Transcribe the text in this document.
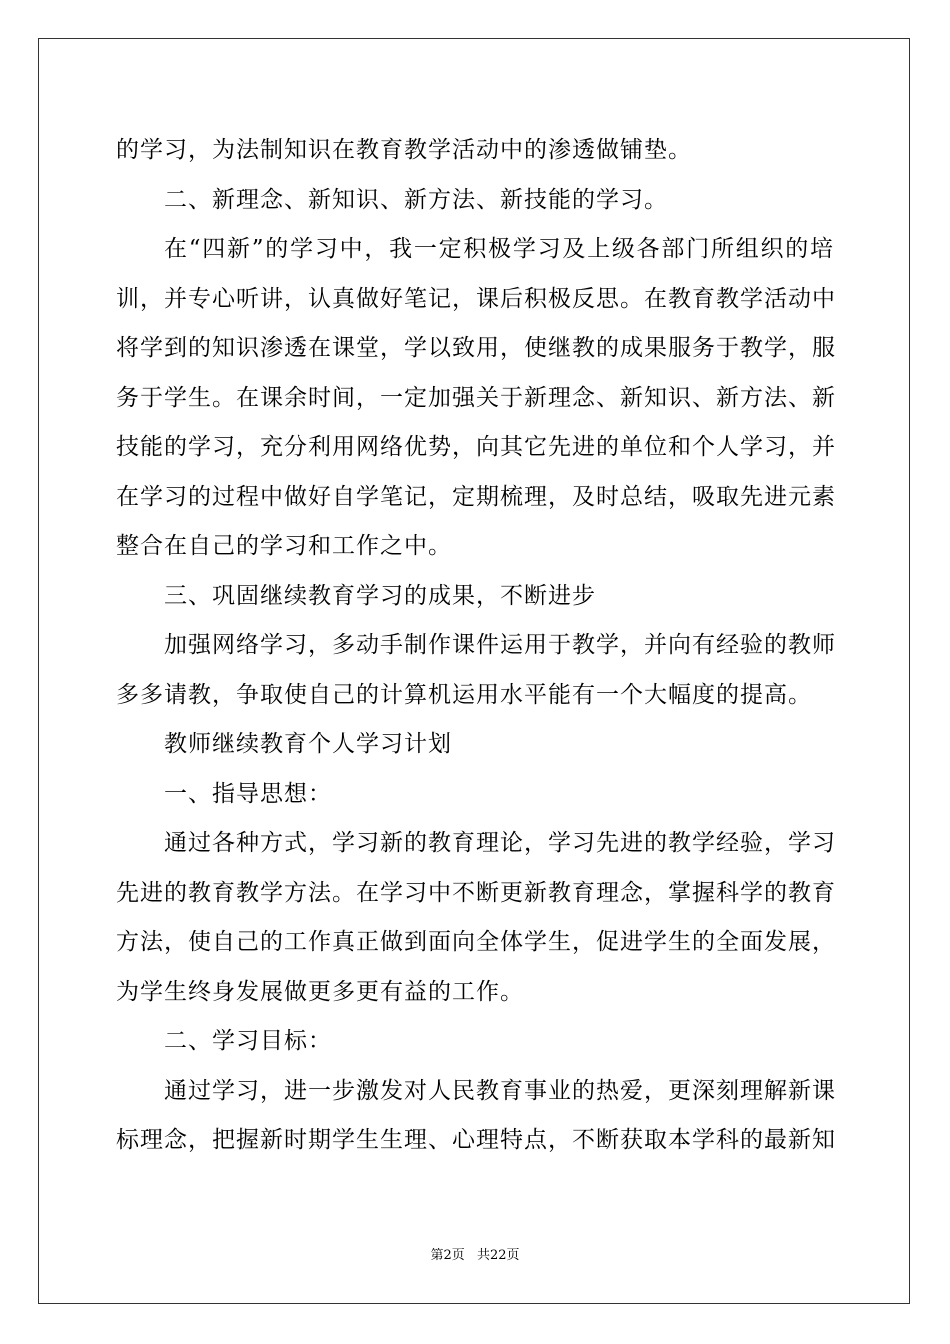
的学习，为法制知识在教育教学活动中的渗透做铺垫。
二、新理念、新知识、新方法、新技能的学习。
在“四新”的学习中，我一定积极学习及上级各部门所组织的培
训，并专心听讲，认真做好笔记，课后积极反思。在教育教学活动中
将学到的知识渗透在课堂，学以致用，使继教的成果服务于教学，服
务于学生。在课余时间，一定加强关于新理念、新知识、新方法、新
技能的学习，充分利用网络优势，向其它先进的单位和个人学习，并
在学习的过程中做好自学笔记，定期梳理，及时总结，吸取先进元素
整合在自己的学习和工作之中。
三、巩固继续教育学习的成果，不断进步
加强网络学习，多动手制作课件运用于教学，并向有经验的教师
多多请教，争取使自己的计算机运用水平能有一个大幅度的提高。
教师继续教育个人学习计划
一、指导思想：
通过各种方式，学习新的教育理论，学习先进的教学经验，学习
先进的教育教学方法。在学习中不断更新教育理念，掌握科学的教育
方法，使自己的工作真正做到面向全体学生，促进学生的全面发展，
为学生终身发展做更多更有益的工作。
二、学习目标：
通过学习，进一步激发对人民教育事业的热爱，更深刻理解新课
标理念，把握新时期学生生理、心理特点，不断获取本学科的最新知
第2页 共22页
